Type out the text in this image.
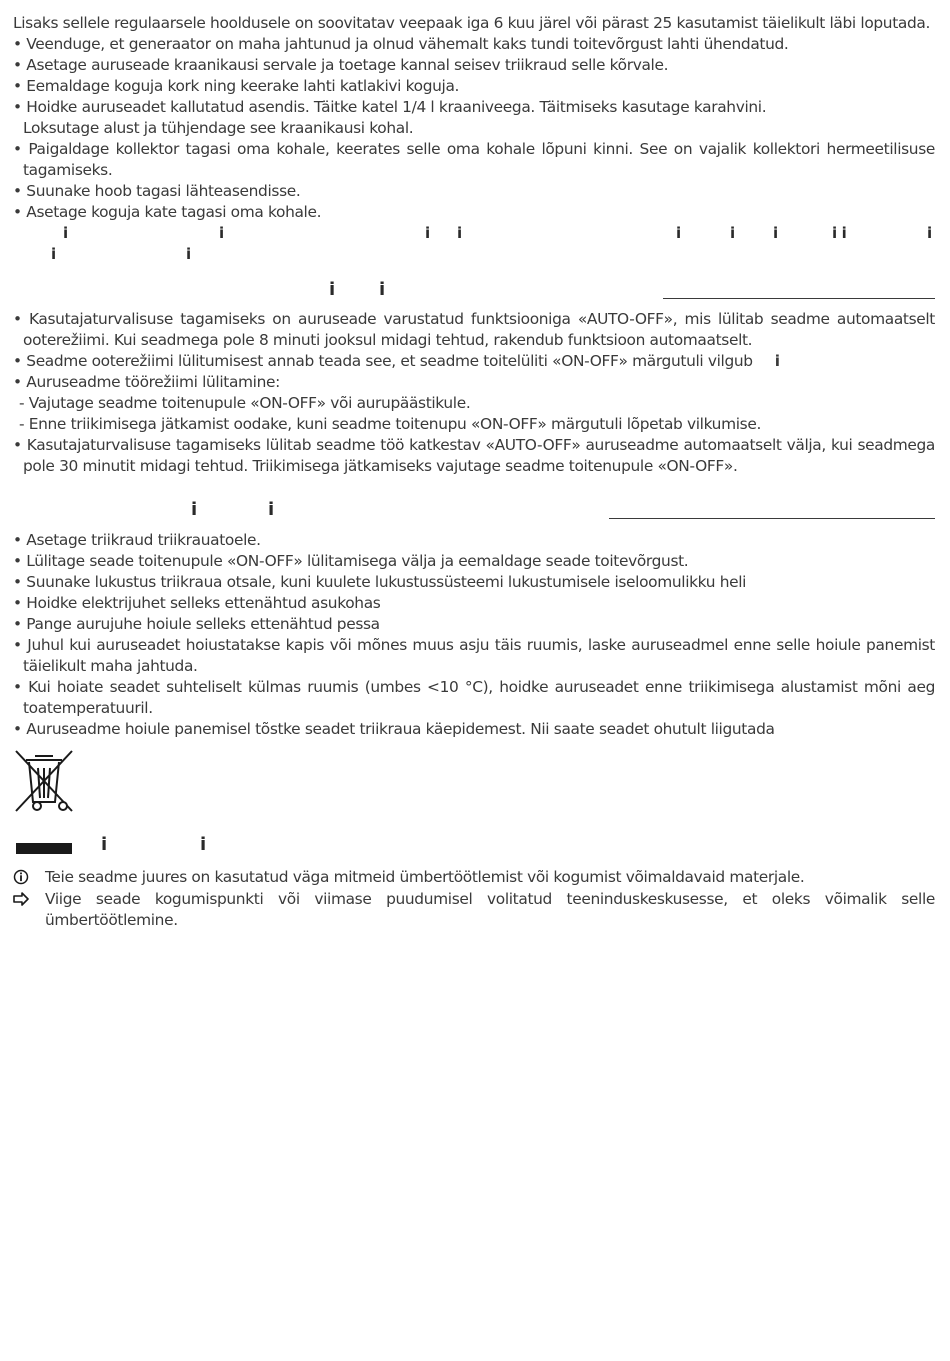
Lisaks sellele regulaarsele hooldusele on soovitatav veepaak iga 6 kuu järel või pärast 25 kasutamist täielikult läbi loputada.
• Veenduge, et generaator on maha jahtunud ja olnud vähemalt kaks tundi toitevõrgust lahti ühendatud.
• Asetage auruseade kraanikausi servale ja toetage kannal seisev triikraud selle kõrvale.
• Eemaldage koguja kork ning keerake lahti katlakivi koguja.
• Hoidke auruseadet kallutatud asendis. Täitke katel 1/4 l kraaniveega. Täitmiseks kasutage karahvini.
Loksutage alust ja tühjendage see kraanikausi kohal.
• Paigaldage kollektor tagasi oma kohale, keerates selle oma kohale lõpuni kinni. See on vajalik kollektori hermeetilisuse tagamiseks.
• Suunake hoob tagasi lähteasendisse.
• Asetage koguja kate tagasi oma kohale.
i	i	i i	i	i	i	i i	i
i	i
i i
• Kasutajaturvalisuse tagamiseks on auruseade varustatud funktsiooniga «AUTO-OFF», mis lülitab seadme automaatselt ooterežiimi. Kui seadmega pole 8 minuti jooksul midagi tehtud, rakendub funktsioon automaatselt.
• Seadme ooterežiimi lülitumisest annab teada see, et seadme toitelüliti «ON-OFF» märgutuli vilgub i
• Auruseadme töörežiimi lülitamine:
- Vajutage seadme toitenupule «ON-OFF» või aurupäästikule.
- Enne triikimisega jätkamist oodake, kuni seadme toitenupu «ON-OFF» märgutuli lõpetab vilkumise.
• Kasutajaturvalisuse tagamiseks lülitab seadme töö katkestav «AUTO-OFF» auruseadme automaatselt välja, kui seadmega pole 30 minutit midagi tehtud. Triikimisega jätkamiseks vajutage seadme toitenupule «ON-OFF».
i	i
• Asetage triikraud triikrauatoele.
• Lülitage seade toitenupule «ON-OFF» lülitamisega välja ja eemaldage seade toitevõrgust.
• Suunake lukustus triikraua otsale, kuni kuulete lukustussüsteemi lukustumisele iseloomulikku heli
• Hoidke elektrijuhet selleks ettenähtud asukohas
• Pange aurujuhe hoiule selleks ettenähtud pessa
• Juhul kui auruseadet hoiustatakse kapis või mõnes muus asju täis ruumis, laske auruseadmel enne selle hoiule panemist täielikult maha jahtuda.
• Kui hoiate seadet suhteliselt külmas ruumis (umbes <10 °C), hoidke auruseadet enne triikimisega alustamist mõni aeg toatemperatuuril.
• Auruseadme hoiule panemisel tõstke seadet triikraua käepidemest. Nii saate seadet ohutult liigutada
i	i
Teie seadme juures on kasutatud väga mitmeid ümbertöötlemist või kogumist võimaldavaid materjale.
Viige seade kogumispunkti või viimase puudumisel volitatud teeninduskeskusesse, et oleks võimalik selle ümbertöötlemine.
